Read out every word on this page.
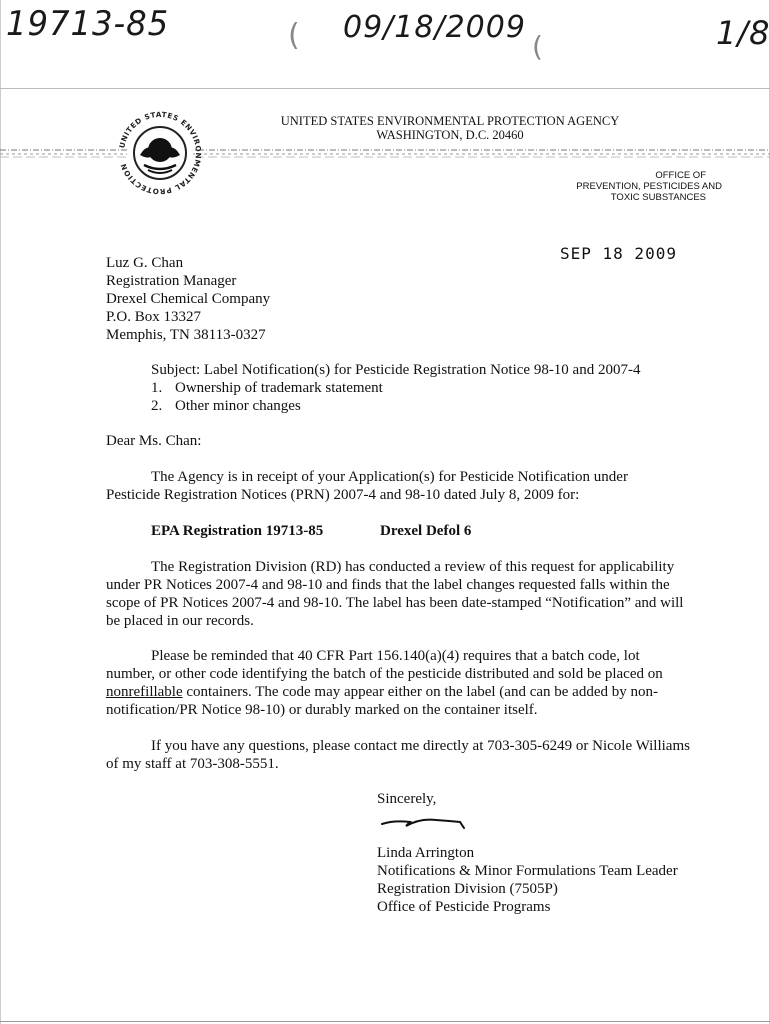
19713-85	( 09/18/2009
(	1/8
UNITED STATES ENVIRONMENTAL PROTECTION
UNITED STATES ENVIRONMENTAL PROTECTION AGENCY
WASHINGTON, D.C. 20460
OFFICE OF
PREVENTION, PESTICIDES AND
TOXIC SUBSTANCES
SEP 18 2009
Luz G. Chan
Registration Manager
Drexel Chemical Company
P.O. Box 13327
Memphis, TN 38113-0327
Subject: Label Notification(s) for Pesticide Registration Notice 98-10 and 2007-4
1. Ownership of trademark statement
2. Other minor changes
Dear Ms. Chan:
The Agency is in receipt of your Application(s) for Pesticide Notification under
Pesticide Registration Notices (PRN) 2007-4 and 98-10 dated July 8, 2009 for:
EPA Registration 19713-85	Drexel Defol 6
The Registration Division (RD) has conducted a review of this request for applicability
under PR Notices 2007-4 and 98-10 and finds that the label changes requested falls within the
scope of PR Notices 2007-4 and 98-10. The label has been date-stamped “Notification” and will
be placed in our records.
Please be reminded that 40 CFR Part 156.140(a)(4) requires that a batch code, lot
number, or other code identifying the batch of the pesticide distributed and sold be placed on
nonrefillable containers. The code may appear either on the label (and can be added by non-
notification/PR Notice 98-10) or durably marked on the container itself.
If you have any questions, please contact me directly at 703-305-6249 or Nicole Williams
of my staff at 703-308-5551.
Sincerely,
Linda Arrington
Notifications & Minor Formulations Team Leader
Registration Division (7505P)
Office of Pesticide Programs
